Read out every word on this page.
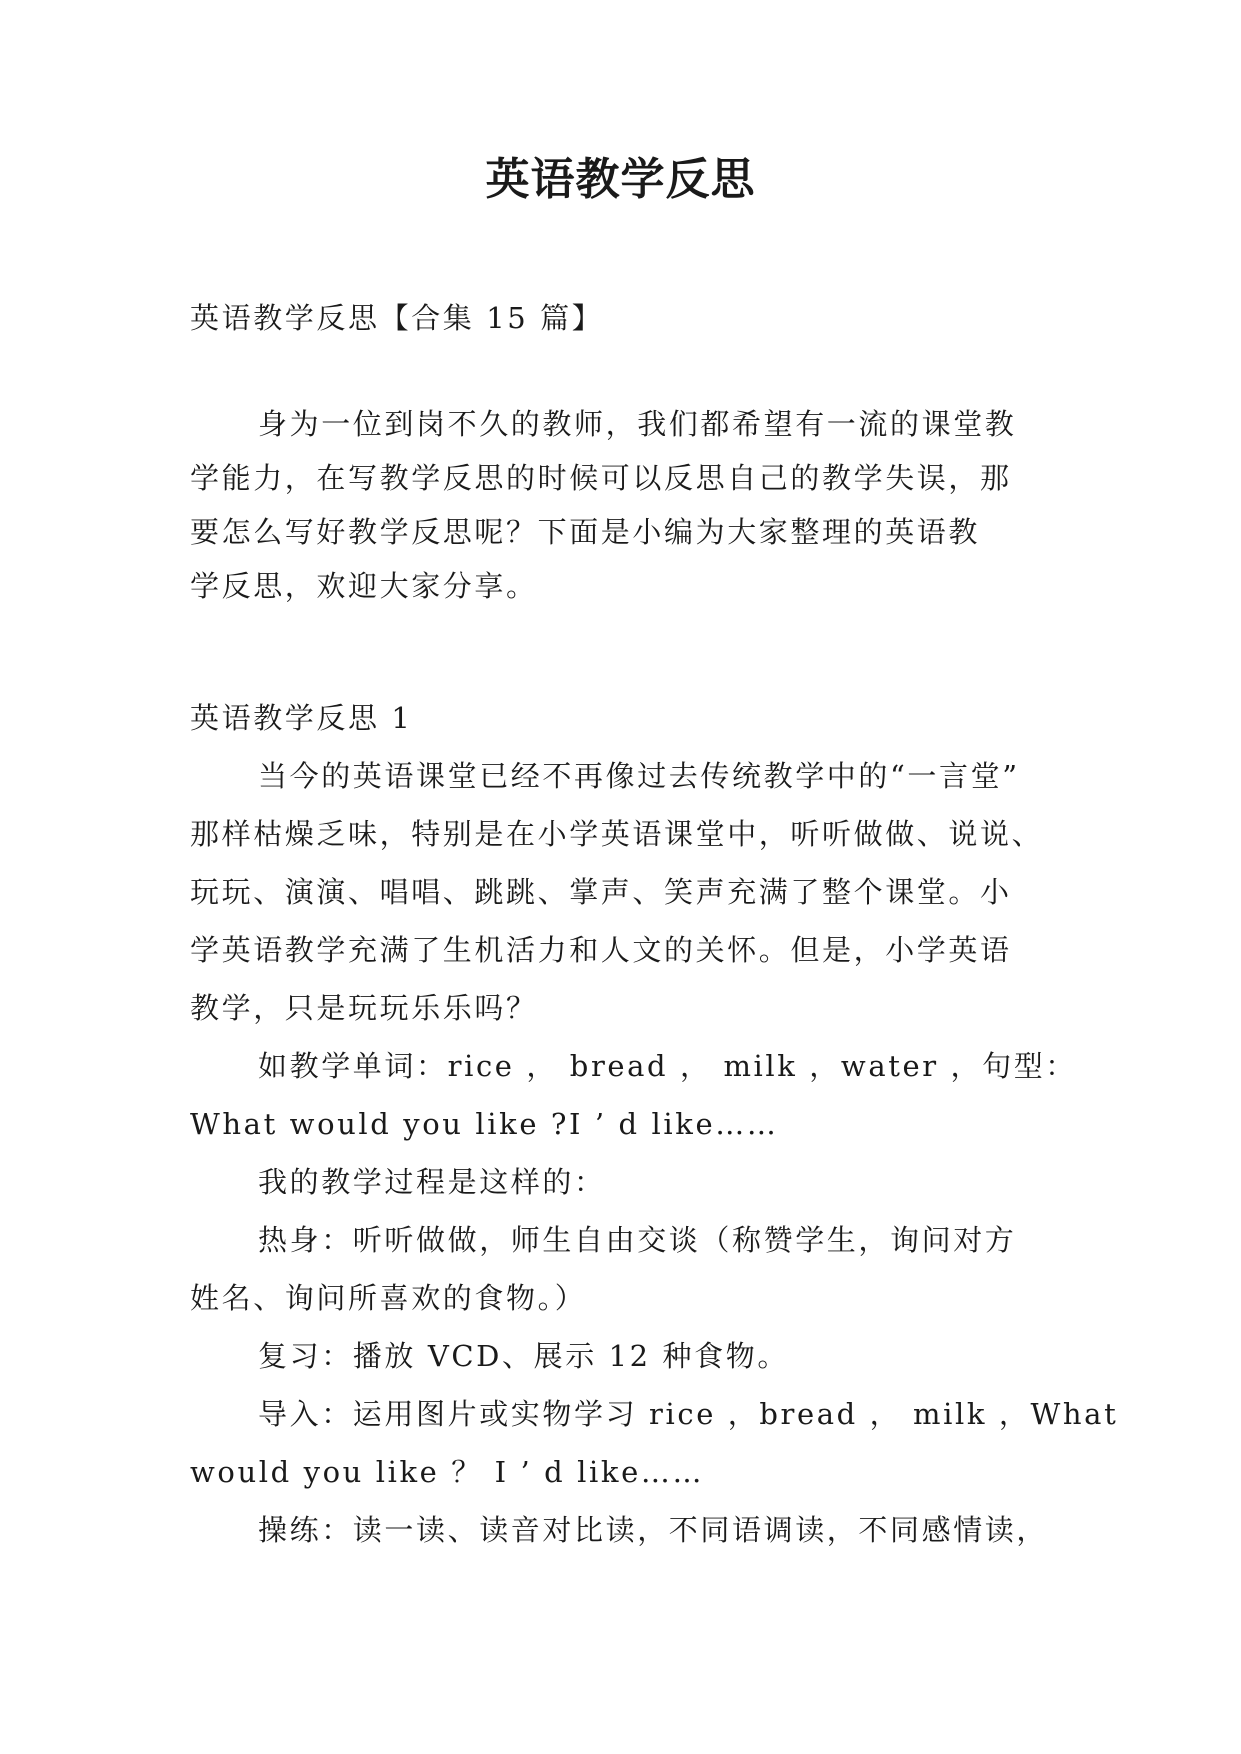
英语教学反思
英语教学反思【合集 15 篇】
身为一位到岗不久的教师，我们都希望有一流的课堂教
学能力，在写教学反思的时候可以反思自己的教学失误，那
要怎么写好教学反思呢？下面是小编为大家整理的英语教
学反思，欢迎大家分享。
英语教学反思 1
当今的英语课堂已经不再像过去传统教学中的“一言堂”
那样枯燥乏味，特别是在小学英语课堂中，听听做做、说说、
玩玩、演演、唱唱、跳跳、掌声、笑声充满了整个课堂。小
学英语教学充满了生机活力和人文的关怀。但是，小学英语
教学，只是玩玩乐乐吗？
如教学单词：rice ， bread ， milk ，water ，句型：
What would you like ?I ’ d like……
我的教学过程是这样的：
热身：听听做做，师生自由交谈（称赞学生，询问对方
姓名、询问所喜欢的食物。）
复习：播放 VCD、展示 12 种食物。
导入：运用图片或实物学习 rice ，bread ， milk ，What
would you like ？ I ’ d like……
操练：读一读、读音对比读，不同语调读，不同感情读，
